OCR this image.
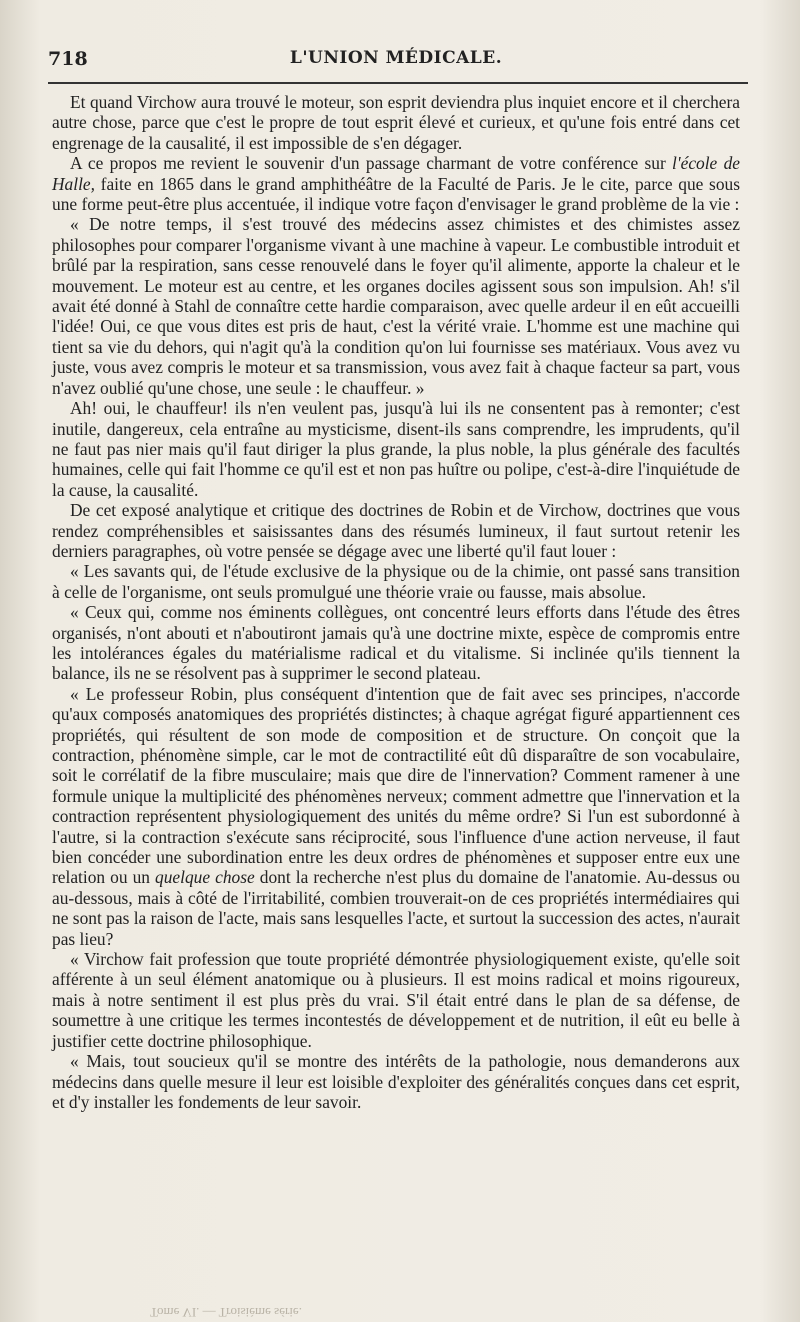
718	L'UNION MÉDICALE.

Et quand Virchow aura trouvé le moteur, son esprit deviendra plus inquiet encore et il cherchera autre chose, parce que c'est le propre de tout esprit élevé et curieux, et qu'une fois entré dans cet engrenage de la causalité, il est impossible de s'en dégager.

A ce propos me revient le souvenir d'un passage charmant de votre conférence sur l'école de Halle, faite en 1865 dans le grand amphithéâtre de la Faculté de Paris. Je le cite, parce que sous une forme peut-être plus accentuée, il indique votre façon d'envisager le grand problème de la vie :

« De notre temps, il s'est trouvé des médecins assez chimistes et des chimistes assez philosophes pour comparer l'organisme vivant à une machine à vapeur. Le combustible introduit et brûlé par la respiration, sans cesse renouvelé dans le foyer qu'il alimente, apporte la chaleur et le mouvement. Le moteur est au centre, et les organes dociles agissent sous son impulsion. Ah! s'il avait été donné à Stahl de connaître cette hardie comparaison, avec quelle ardeur il en eût accueilli l'idée! Oui, ce que vous dites est pris de haut, c'est la vérité vraie. L'homme est une machine qui tient sa vie du dehors, qui n'agit qu'à la condition qu'on lui fournisse ses matériaux. Vous avez vu juste, vous avez compris le moteur et sa transmission, vous avez fait à chaque facteur sa part, vous n'avez oublié qu'une chose, une seule : le chauffeur. »

Ah! oui, le chauffeur! ils n'en veulent pas, jusqu'à lui ils ne consentent pas à remonter; c'est inutile, dangereux, cela entraîne au mysticisme, disent-ils sans comprendre, les imprudents, qu'il ne faut pas nier mais qu'il faut diriger la plus grande, la plus noble, la plus générale des facultés humaines, celle qui fait l'homme ce qu'il est et non pas huître ou polipe, c'est-à-dire l'inquiétude de la cause, la causalité.

De cet exposé analytique et critique des doctrines de Robin et de Virchow, doctrines que vous rendez compréhensibles et saisissantes dans des résumés lumineux, il faut surtout retenir les derniers paragraphes, où votre pensée se dégage avec une liberté qu'il faut louer :

« Les savants qui, de l'étude exclusive de la physique ou de la chimie, ont passé sans transition à celle de l'organisme, ont seuls promulgué une théorie vraie ou fausse, mais absolue.

« Ceux qui, comme nos éminents collègues, ont concentré leurs efforts dans l'étude des êtres organisés, n'ont abouti et n'aboutiront jamais qu'à une doctrine mixte, espèce de compromis entre les intolérances égales du matérialisme radical et du vitalisme. Si inclinée qu'ils tiennent la balance, ils ne se résolvent pas à supprimer le second plateau.

« Le professeur Robin, plus conséquent d'intention que de fait avec ses principes, n'accorde qu'aux composés anatomiques des propriétés distinctes; à chaque agrégat figuré appartiennent ces propriétés, qui résultent de son mode de composition et de structure. On conçoit que la contraction, phénomène simple, car le mot de contractilité eût dû disparaître de son vocabulaire, soit le corrélatif de la fibre musculaire; mais que dire de l'innervation? Comment ramener à une formule unique la multiplicité des phénomènes nerveux; comment admettre que l'innervation et la contraction représentent physiologiquement des unités du même ordre? Si l'un est subordonné à l'autre, si la contraction s'exécute sans réciprocité, sous l'influence d'une action nerveuse, il faut bien concéder une subordination entre les deux ordres de phénomènes et supposer entre eux une relation ou un quelque chose dont la recherche n'est plus du domaine de l'anatomie. Au-dessus ou au-dessous, mais à côté de l'irritabilité, combien trouverait-on de ces propriétés intermédiaires qui ne sont pas la raison de l'acte, mais sans lesquelles l'acte, et surtout la succession des actes, n'aurait pas lieu?

« Virchow fait profession que toute propriété démontrée physiologiquement existe, qu'elle soit afférente à un seul élément anatomique ou à plusieurs. Il est moins radical et moins rigoureux, mais à notre sentiment il est plus près du vrai. S'il était entré dans le plan de sa défense, de soumettre à une critique les termes incontestés de développement et de nutrition, il eût eu belle à justifier cette doctrine philosophique.

« Mais, tout soucieux qu'il se montre des intérêts de la pathologie, nous demanderons aux médecins dans quelle mesure il leur est loisible d'exploiter des généralités conçues dans cet esprit, et d'y installer les fondements de leur savoir.

Tome VI. — Troisième série.
